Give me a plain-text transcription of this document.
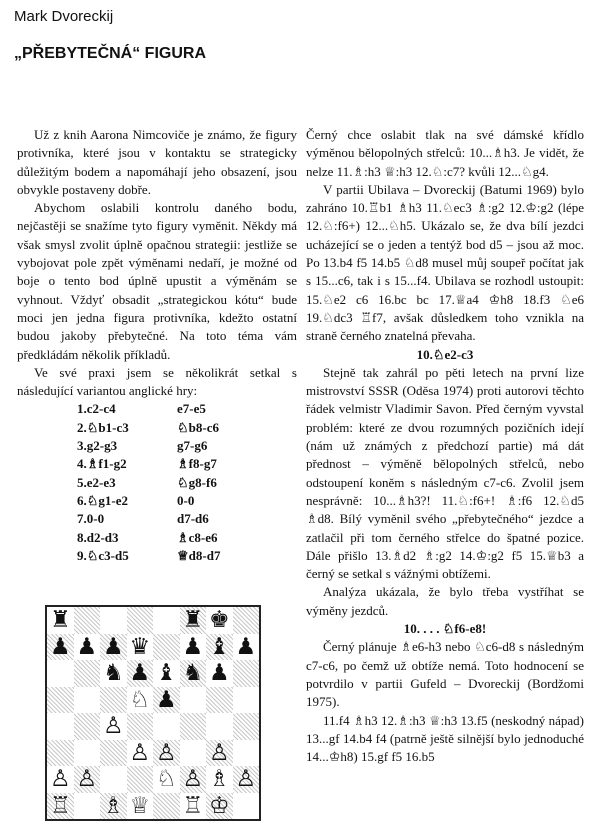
Mark Dvoreckij
„PŘEBYTEČNÁ“ FIGURA

Už z knih Aarona Nimcoviče je známo, že figury protivníka, které jsou v kontaktu se strategicky důležitým bodem a napomáhají jeho obsazení, jsou obvykle postaveny dobře.

Abychom oslabili kontrolu daného bodu, nejčastěji se snažíme tyto figury vyměnit. Někdy má však smysl zvolit úplně opačnou strategii: jestliže se vybojovat pole zpět výměnami nedaří, je možné od boje o tento bod úplně upustit a výměnám se vyhnout. Vždyť obsadit „strategickou kótu“ bude moci jen jedna figura protivníka, kdežto ostatní budou jakoby přebytečné. Na toto téma vám předkládám několik příkladů.

Ve své praxi jsem se několikrát setkal s následující variantou anglické hry:

1.c2-c4	e7-e5
2.♘b1-c3	♘b8-c6
3.g2-g3	g7-g6
4.♗f1-g2	♗f8-g7
5.e2-e3	♘g8-f6
6.♘g1-e2	0-0
7.0-0	d7-d6
8.d2-d3	♗c8-e6
9.♘c3-d5	♕d8-d7

Černý chce oslabit tlak na své dámské křídlo výměnou bělopolných střelců: 10...♗h3. Je vidět, že nelze 11.♗:h3 ♕:h3 12.♘:c7? kvůli 12...♘g4.

V partii Ubilava – Dvoreckij (Batumi 1969) bylo zahráno 10.♖b1 ♗h3 11.♘ec3 ♗:g2 12.♔:g2 (lépe 12.♘:f6+) 12...♘h5. Ukázalo se, že dva bílí jezdci ucházející se o jeden a tentýž bod d5 – jsou až moc. Po 13.b4 f5 14.b5 ♘d8 musel můj soupeř počítat jak s 15...c6, tak i s 15...f4. Ubilava se rozhodl ustoupit: 15.♘e2 c6 16.bc bc 17.♕a4 ♔h8 18.f3 ♘e6 19.♘dc3 ♖f7, avšak důsledkem toho vznikla na straně černého znatelná převaha.

10.♘e2-c3

Stejně tak zahrál po pěti letech na první lize mistrovství SSSR (Oděsa 1974) proti autorovi těchto řádek velmistr Vladimir Savon. Před černým vyvstal problém: které ze dvou rozumných pozičních idejí (nám už známých z předchozí partie) má dát přednost – výměně bělopolných střelců, nebo odstoupení koněm s následným c7-c6. Zvolil jsem nesprávně: 10...♗h3?! 11.♘:f6+! ♗:f6 12.♘d5 ♗d8. Bílý vyměnil svého „přebytečného“ jezdce a zatlačil při tom černého střelce do špatné pozice. Dále přišlo 13.♗d2 ♗:g2 14.♔:g2 f5 15.♕b3 a černý se setkal s vážnými obtížemi.

Analýza ukázala, že bylo třeba vystříhat se výměny jezdců.

10. . . . ♘f6-e8!

Černý plánuje ♗e6-h3 nebo ♘c6-d8 s následným c7-c6, po čemž už obtíže nemá. Toto hodnocení se potvrdilo v partii Gufeld – Dvoreckij (Bordžomi 1975).

11.f4 ♗h3 12.♗:h3 ♕:h3 13.f5 (neskodný nápad) 13...gf 14.b4 f4 (patrně ještě silnější bylo jednoduché 14...♔h8) 15.gf f5 16.b5

♜	♜ ♚
♟ ♟ ♟ ♛ ♟ ♝ ♟
♞ ♟ ♝ ♞ ♟
♘ ♟
♙
♙ ♙ ♙
♙ ♙	♘ ♙ ♗ ♙
♖ ♗ ♕ ♖ ♔
